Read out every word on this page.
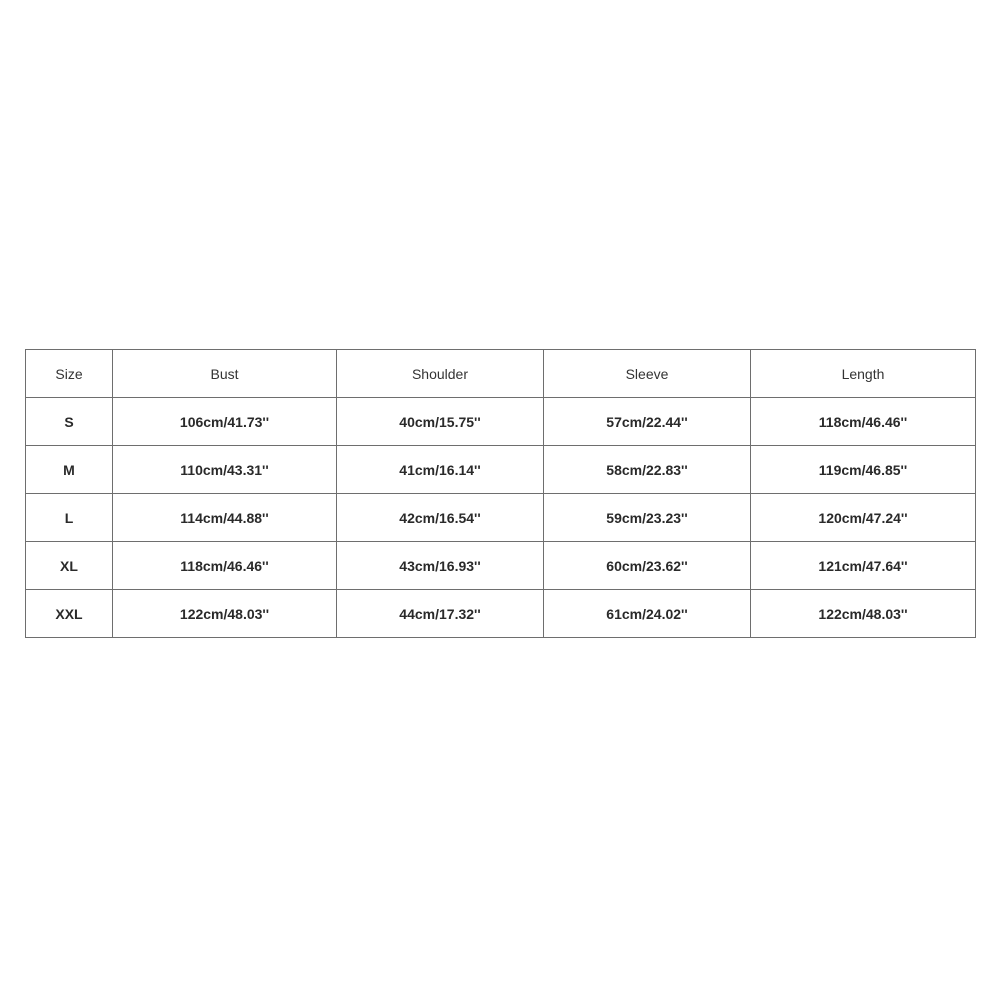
Size	Bust	Shoulder	Sleeve	Length
S	106cm/41.73''	40cm/15.75''	57cm/22.44''	118cm/46.46''
M	110cm/43.31''	41cm/16.14''	58cm/22.83''	119cm/46.85''
L	114cm/44.88''	42cm/16.54''	59cm/23.23''	120cm/47.24''
XL	118cm/46.46''	43cm/16.93''	60cm/23.62''	121cm/47.64''
XXL	122cm/48.03''	44cm/17.32''	61cm/24.02''	122cm/48.03''
